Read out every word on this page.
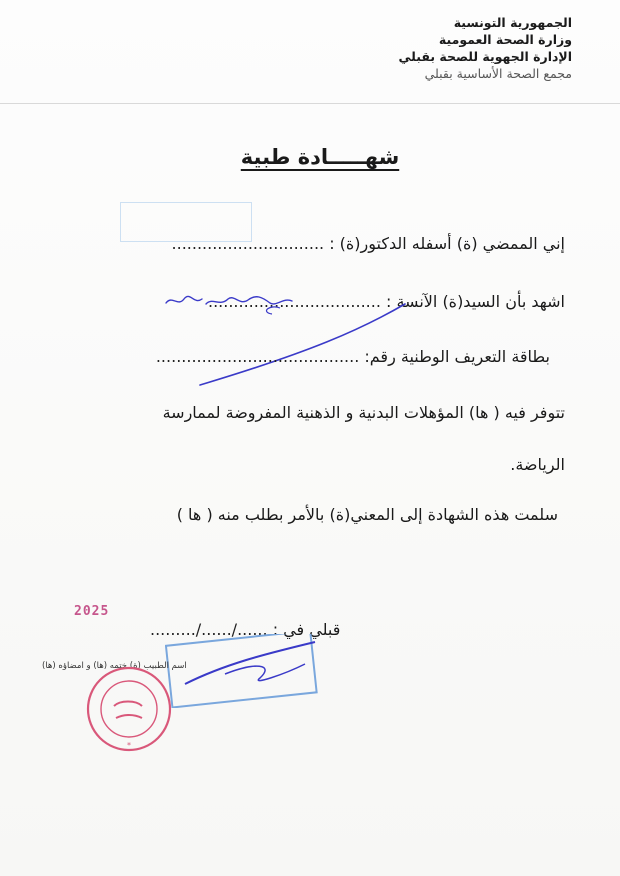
الجمهورية التونسية
وزارة الصحة العمومية
الإدارة الجهوية للصحة بقبلي
مجمع الصحة الأساسية بقبلي
شهـــــادة طبية
إني الممضي (ة) أسفله الدكتور(ة) : ..............................
اشهد بأن السيد(ة) الآنسة : ..................................
بطاقة التعريف الوطنية رقم: ........................................
تتوفر فيه ( ها) المؤهلات البدنية و الذهنية المفروضة لممارسة
الرياضة.
سلمت هذه الشهادة إلى المعني(ة) بالأمر بطلب منه ( ها )
قبلي في : ....../....../.........
2025
اسم الطبيب (ة) ختمه (ها) و امضاؤه (ها)
*
